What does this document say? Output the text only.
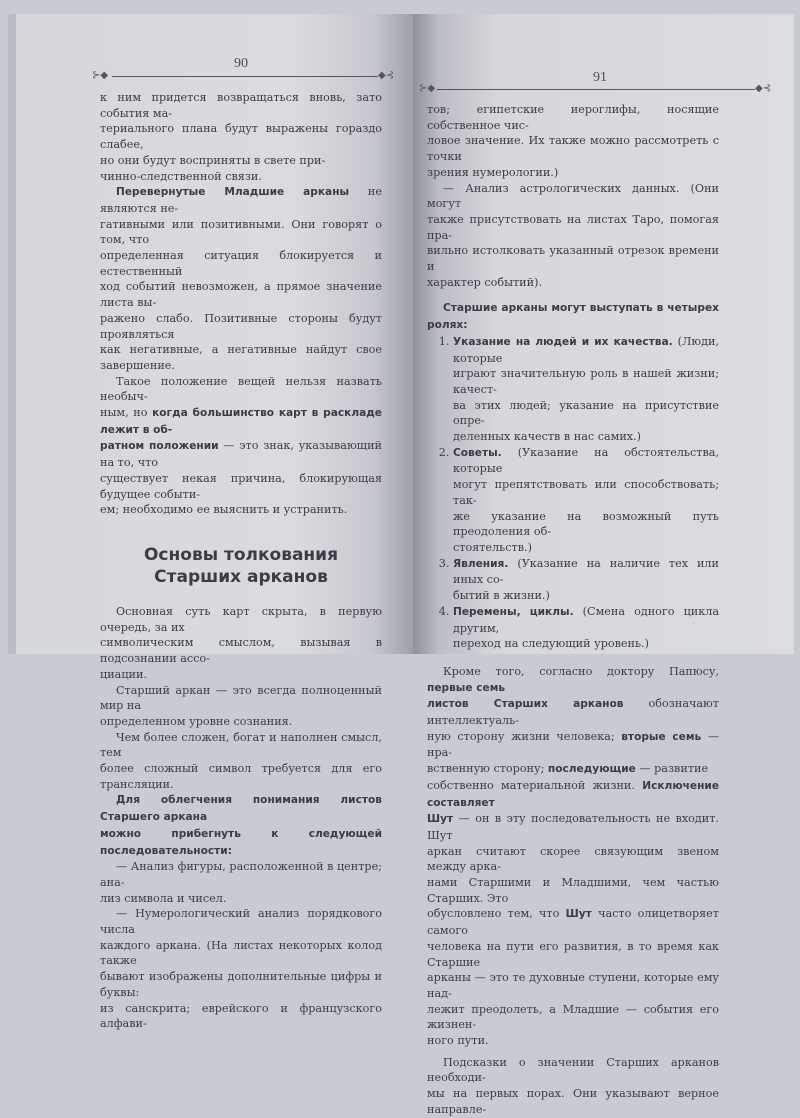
90
⊱◆	◆⊰

к ним придется возвращаться вновь, зато события ма-
териального плана будут выражены гораздо слабее,
но они будут восприняты в свете при-
чинно-следственной связи.

Перевернутые Младшие арканы не являются не-
гативными или позитивными. Они говорят о том, что
определенная ситуация блокируется и естественный
ход событий невозможен, а прямое значение листа вы-
ражено слабо. Позитивные стороны будут проявляться
как негативные, а негативные найдут свое завершение.

Такое положение вещей нельзя назвать необыч-
ным, но когда большинство карт в раскладе лежит в об-
ратном положении — это знак, указывающий на то, что
существует некая причина, блокирующая будущее событи-
ем; необходимо ее выяснить и устранить.

Основы толкования
Старших арканов

Основная суть карт скрыта, в первую очередь, за их
символическим смыслом, вызывая в подсознании ассо-
циации.

Старший аркан — это всегда полноценный мир на
определенном уровне сознания.

Чем более сложен, богат и наполнен смысл, тем
более сложный символ требуется для его трансляции.

Для облегчения понимания листов Старшего аркана
можно прибегнуть к следующей последовательности:

— Анализ фигуры, расположенной в центре; ана-
лиз символа и чисел.

— Нумерологический анализ порядкового числа
каждого аркана. (На листах некоторых колод также
бывают изображены дополнительные цифры и буквы:
из санскрита; еврейского и французского алфави-

91
⊱◆	◆⊰

тов; египетские иероглифы, носящие собственное чис-
ловое значение. Их также можно рассмотреть с точки
зрения нумерологии.)

— Анализ астрологических данных. (Они могут
также присутствовать на листах Таро, помогая пра-
вильно истолковать указанный отрезок времени и
характер событий).

Старшие арканы могут выступать в четырех ролях:

1. Указание на людей и их качества. (Люди, которые
играют значительную роль в нашей жизни; качест-
ва этих людей; указание на присутствие опре-
деленных качеств в нас самих.)
2. Советы. (Указание на обстоятельства, которые
могут препятствовать или способствовать; так-
же указание на возможный путь преодоления об-
стоятельств.)
3. Явления. (Указание на наличие тех или иных со-
бытий в жизни.)
4. Перемены, циклы. (Смена одного цикла другим,
переход на следующий уровень.)

Кроме того, согласно доктору Папюсу, первые семь
листов Старших арканов обозначают интеллектуаль-
ную сторону жизни человека; вторые семь — нра-
вственную сторону; последующие — развитие
собственно материальной жизни. Исключение составляет
Шут — он в эту последовательность не входит. Шут
аркан считают скорее связующим звеном между арка-
нами Старшими и Младшими, чем частью Старших. Это
обусловлено тем, что Шут часто олицетворяет самого
человека на пути его развития, в то время как Старшие
арканы — это те духовные ступени, которые ему над-
лежит преодолеть, а Младшие — события его жизнен-
ного пути.

Подсказки о значении Старших арканов необходи-
мы на первых порах. Они указывают верное направле-
